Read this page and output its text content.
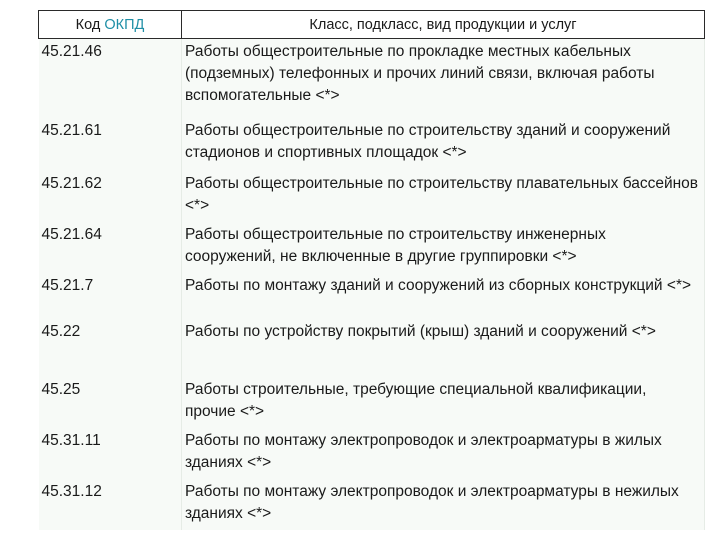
Код ОКПД	Класс, подкласс, вид продукции и услуг
45.21.46	Работы общестроительные по прокладке местных кабельных (подземных) телефонных и прочих линий связи, включая работы вспомогательные <*>
45.21.61	Работы общестроительные по строительству зданий и сооружений стадионов и спортивных площадок <*>
45.21.62	Работы общестроительные по строительству плавательных бассейнов <*>
45.21.64	Работы общестроительные по строительству инженерных сооружений, не включенные в другие группировки <*>
45.21.7	Работы по монтажу зданий и сооружений из сборных конструкций <*>
45.22	Работы по устройству покрытий (крыш) зданий и сооружений <*>
45.25	Работы строительные, требующие специальной квалификации, прочие <*>
45.31.11	Работы по монтажу электропроводок и электроарматуры в жилых зданиях <*>
45.31.12	Работы по монтажу электропроводок и электроарматуры в нежилых зданиях <*>
